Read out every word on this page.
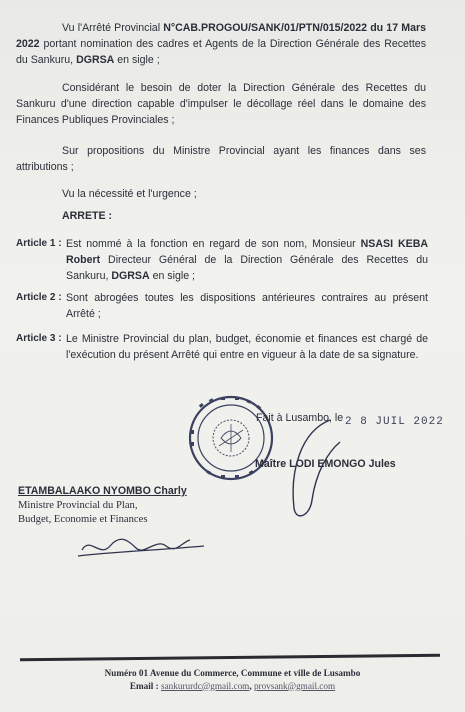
Vu l'Arrêté Provincial N°CAB.PROGOU/SANK/01/PTN/015/2022 du 17 Mars 2022 portant nomination des cadres et Agents de la Direction Générale des Recettes du Sankuru, DGRSA en sigle ;
Considérant le besoin de doter la Direction Générale des Recettes du Sankuru d'une direction capable d'impulser le décollage réel dans le domaine des Finances Publiques Provinciales ;
Sur propositions du Ministre Provincial ayant les finances dans ses attributions ;
Vu la nécessité et l'urgence ;
ARRETE :
Article 1 : Est nommé à la fonction en regard de son nom, Monsieur NSASI KEBA Robert Directeur Général de la Direction Générale des Recettes du Sankuru, DGRSA en sigle ;
Article 2 : Sont abrogées toutes les dispositions antérieures contraires au présent Arrêté ;
Article 3 : Le Ministre Provincial du plan, budget, économie et finances est chargé de l'exécution du présent Arrêté qui entre en vigueur à la date de sa signature.
Fait à Lusambo, le 2 8 JUIL 2022
Maître LODI EMONGO Jules
ETAMBALAAKO NYOMBO Charly
Ministre Provincial du Plan,
Budget, Economie et Finances
Numéro 01 Avenue du Commerce, Commune et ville de Lusambo
Email : sankururdc@gmail.com, provsank@gmail.com
